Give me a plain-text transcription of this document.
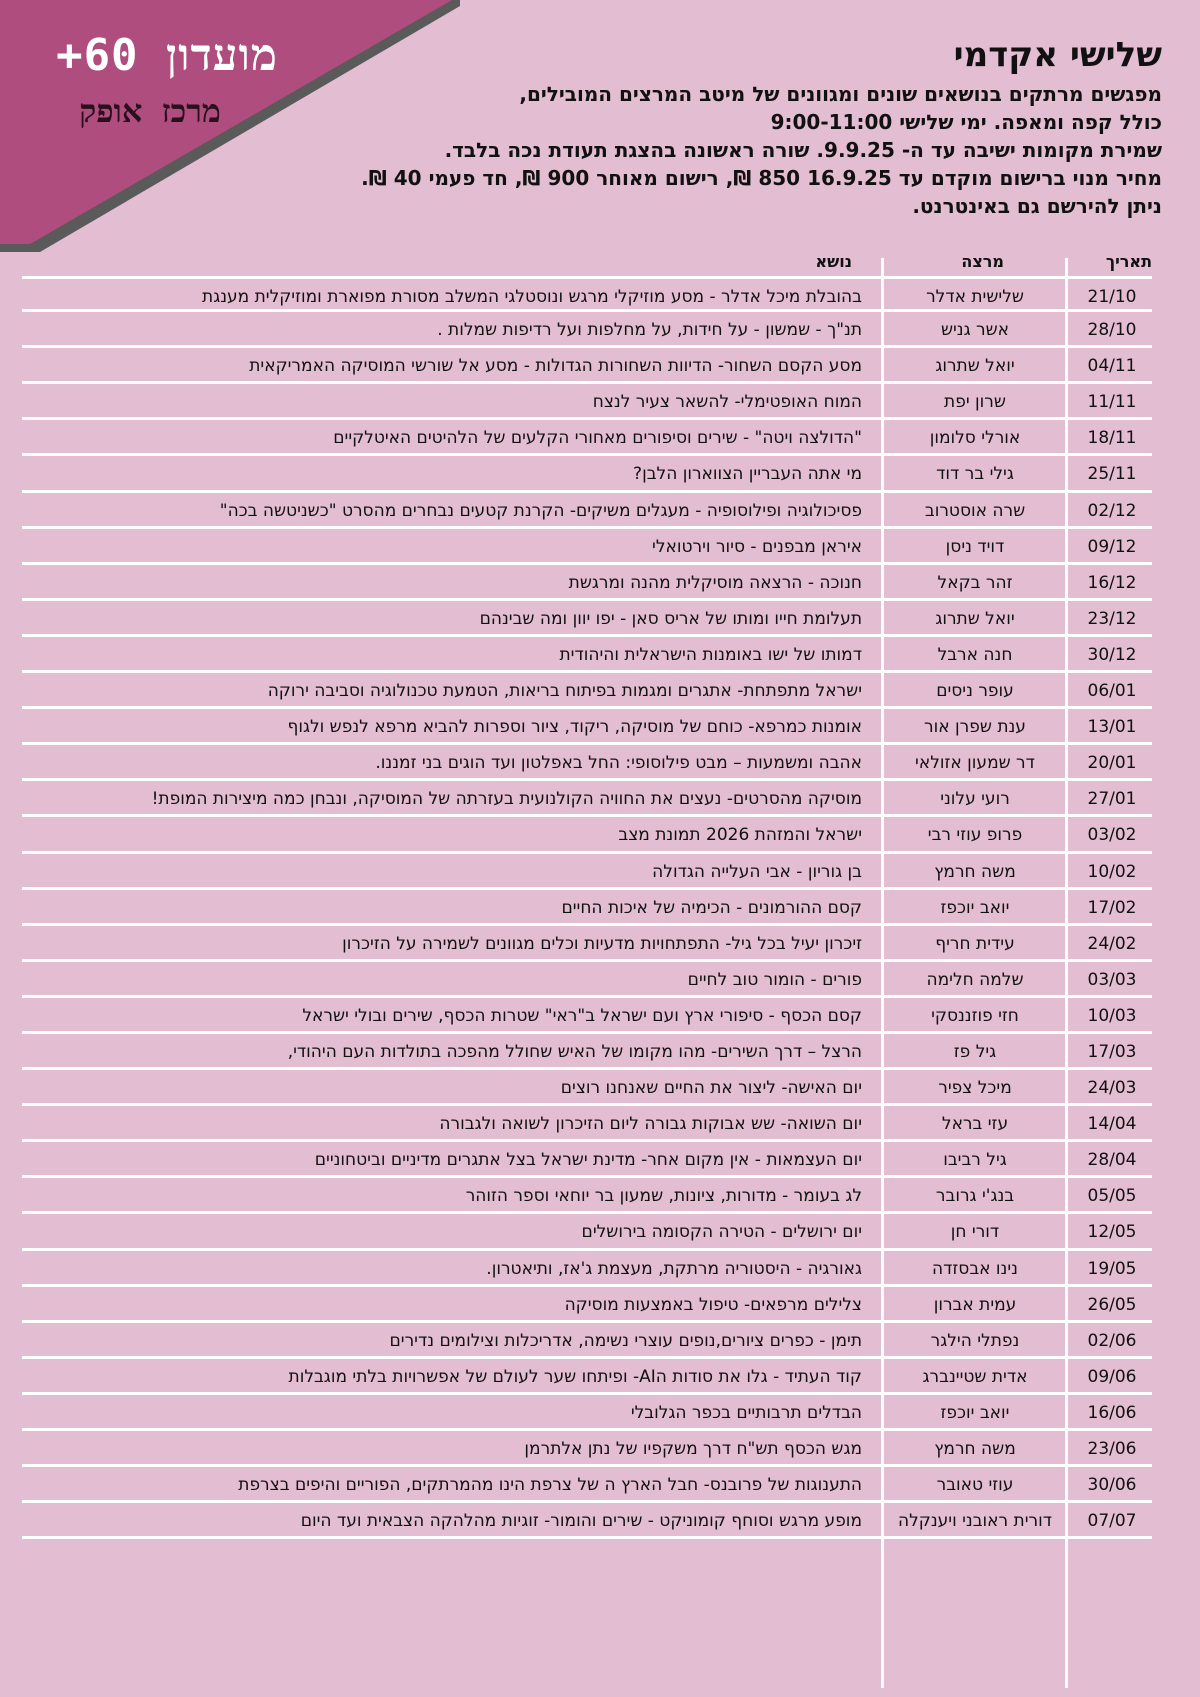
מועדון 60+
מרכז אופק
שלישי אקדמי
מפגשים מרתקים בנושאים שונים ומגוונים של מיטב המרצים המובילים,
כולל קפה ומאפה. ימי שלישי 9:00-11:00
שמירת מקומות ישיבה עד ה- 9.9.25. שורה ראשונה בהצגת תעודת נכה בלבד.
מחיר מנוי ברישום מוקדם עד 16.9.25 850 ₪, רישום מאוחר 900 ₪, חד פעמי 40 ₪.
ניתן להירשם גם באינטרנט.
תאריך
מרצה
נושא
21/10
שלישית אדלר
בהובלת מיכל אדלר - מסע מוזיקלי מרגש ונוסטלגי המשלב מסורת מפוארת ומוזיקלית מענגת
28/10
אשר גניש
תנ"ך - שמשון - על חידות, על מחלפות ועל רדיפות שמלות .
04/11
יואל שתרוג
מסע הקסם השחור- הדיוות השחורות הגדולות - מסע אל שורשי המוסיקה האמריקאית
11/11
שרון יפת
המוח האופטימלי- להשאר צעיר לנצח
18/11
אורלי סלומון
"הדולצה ויטה" - שירים וסיפורים מאחורי הקלעים של הלהיטים האיטלקיים
25/11
גילי בר דוד
מי אתה העבריין הצווארון הלבן?
02/12
שרה אוסטרוב
פסיכולוגיה ופילוסופיה - מעגלים משיקים- הקרנת קטעים נבחרים מהסרט "כשניטשה בכה"
09/12
דויד ניסן
איראן מבפנים - סיור וירטואלי
16/12
זהר בקאל
חנוכה - הרצאה מוסיקלית מהנה ומרגשת
23/12
יואל שתרוג
תעלומת חייו ומותו של אריס סאן - יפו יוון ומה שבינהם
30/12
חנה ארבל
דמותו של ישו באומנות הישראלית והיהודית
06/01
עופר ניסים
ישראל מתפתחת- אתגרים ומגמות בפיתוח בריאות, הטמעת טכנולוגיה וסביבה ירוקה
13/01
ענת שפרן אור
אומנות כמרפא- כוחם של מוסיקה, ריקוד, ציור וספרות להביא מרפא לנפש ולגוף
20/01
דר שמעון אזולאי
אהבה ומשמעות – מבט פילוסופי: החל באפלטון ועד הוגים בני זמננו.
27/01
רועי עלוני
מוסיקה מהסרטים- נעצים את החוויה הקולנועית בעזרתה של המוסיקה, ונבחן כמה מיצירות המופת!
03/02
פרופ עוזי רבי
ישראל והמזהת 2026 תמונת מצב
10/02
משה חרמץ
בן גוריון - אבי העלייה הגדולה
17/02
יואב יוכפז
קסם ההורמונים - הכימיה של איכות החיים
24/02
עידית חריף
זיכרון יעיל בכל גיל- התפתחויות מדעיות וכלים מגוונים לשמירה על הזיכרון
03/03
שלמה חלימה
פורים - הומור טוב לחיים
10/03
חזי פוזננסקי
קסם הכסף - סיפורי ארץ ועם ישראל ב"ראי" שטרות הכסף, שירים ובולי ישראל
17/03
גיל פז
הרצל – דרך השירים- מהו מקומו של האיש שחולל מהפכה בתולדות העם היהודי,
24/03
מיכל צפיר
יום האישה- ליצור את החיים שאנחנו רוצים
14/04
עזי בראל
יום השואה- שש אבוקות גבורה ליום הזיכרון לשואה ולגבורה
28/04
גיל רביבו
יום העצמאות - אין מקום אחר- מדינת ישראל בצל אתגרים מדיניים וביטחוניים
05/05
בנג'י גרובר
לג בעומר - מדורות, ציונות, שמעון בר יוחאי וספר הזוהר
12/05
דורי חן
יום ירושלים - הטירה הקסומה בירושלים
19/05
נינו אבסזדה
גאורגיה - היסטוריה מרתקת, מעצמת ג'אז, ותיאטרון.
26/05
עמית אברון
צלילים מרפאים- טיפול באמצעות מוסיקה
02/06
נפתלי הילגר
תימן - כפרים ציורים,נופים עוצרי נשימה, אדריכלות וצילומים נדירים
09/06
אדית שטיינברג
קוד העתיד - גלו את סודות הAI- ופיתחו שער לעולם של אפשרויות בלתי מוגבלות
16/06
יואב יוכפז
הבדלים תרבותיים בכפר הגלובלי
23/06
משה חרמץ
מגש הכסף תש"ח דרך משקפיו של נתן אלתרמן
30/06
עוזי טאובר
התענוגות של פרובנס- חבל הארץ ה של צרפת הינו מהמרתקים, הפוריים והיפים בצרפת
07/07
דורית ראובני ויענקלה
מופע מרגש וסוחף קומוניקט - שירים והומור- זוגיות מהלהקה הצבאית ועד היום
